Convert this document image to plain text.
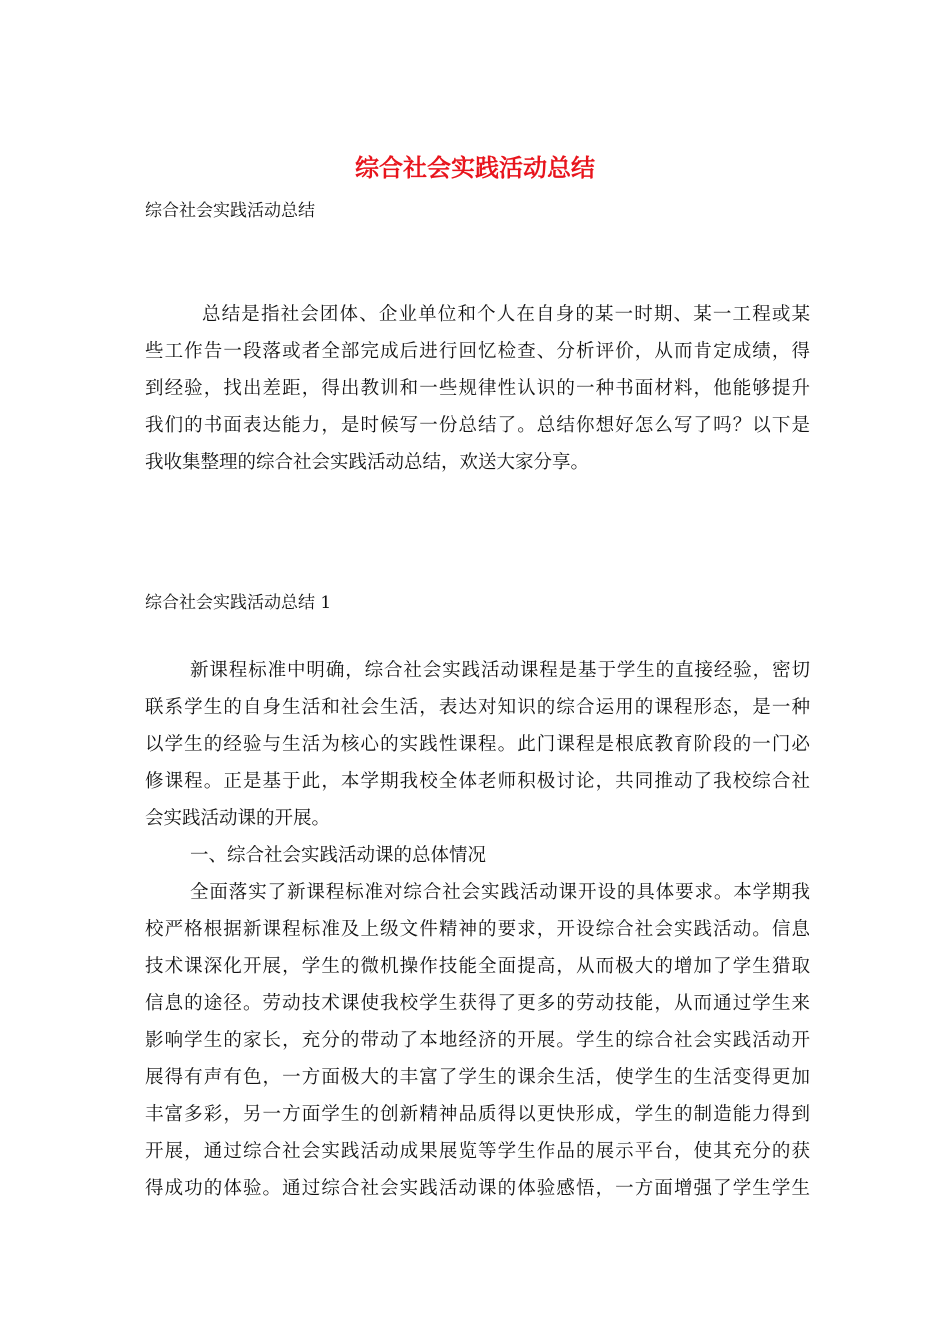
综合社会实践活动总结

综合社会实践活动总结

总结是指社会团体、企业单位和个人在自身的某一时期、某一工程或某
些工作告一段落或者全部完成后进行回忆检查、分析评价，从而肯定成绩，得
到经验，找出差距，得出教训和一些规律性认识的一种书面材料，他能够提升
我们的书面表达能力，是时候写一份总结了。总结你想好怎么写了吗？以下是
我收集整理的综合社会实践活动总结，欢送大家分享。

综合社会实践活动总结 1

新课程标准中明确，综合社会实践活动课程是基于学生的直接经验，密切
联系学生的自身生活和社会生活，表达对知识的综合运用的课程形态，是一种
以学生的经验与生活为核心的实践性课程。此门课程是根底教育阶段的一门必
修课程。正是基于此，本学期我校全体老师积极讨论，共同推动了我校综合社
会实践活动课的开展。

一、综合社会实践活动课的总体情况

全面落实了新课程标准对综合社会实践活动课开设的具体要求。本学期我
校严格根据新课程标准及上级文件精神的要求，开设综合社会实践活动。信息
技术课深化开展，学生的微机操作技能全面提高，从而极大的增加了学生猎取
信息的途径。劳动技术课使我校学生获得了更多的劳动技能，从而通过学生来
影响学生的家长，充分的带动了本地经济的开展。学生的综合社会实践活动开
展得有声有色，一方面极大的丰富了学生的课余生活，使学生的生活变得更加
丰富多彩，另一方面学生的创新精神品质得以更快形成，学生的制造能力得到
开展，通过综合社会实践活动成果展览等学生作品的展示平台，使其充分的获
得成功的体验。通过综合社会实践活动课的体验感悟，一方面增强了学生学生
